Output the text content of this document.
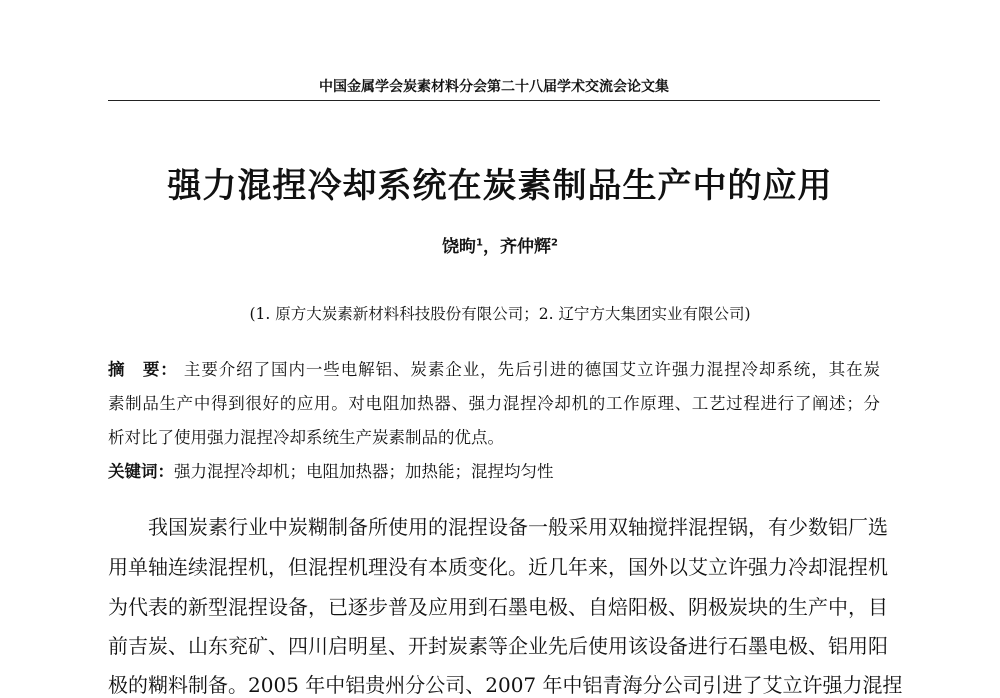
中国金属学会炭素材料分会第二十八届学术交流会论文集
强力混捏冷却系统在炭素制品生产中的应用
饶昫$^1$，齐仲辉$^2$
(1. 原方大炭素新材料科技股份有限公司；2. 辽宁方大集团实业有限公司)
摘　要： 主要介绍了国内一些电解铝、炭素企业，先后引进的德国艾立许强力混捏冷却系统，其在炭
素制品生产中得到很好的应用。对电阻加热器、强力混捏冷却机的工作原理、工艺过程进行了阐述；分
析对比了使用强力混捏冷却系统生产炭素制品的优点。
关键词：强力混捏冷却机；电阻加热器；加热能；混捏均匀性
我国炭素行业中炭糊制备所使用的混捏设备一般采用双轴搅拌混捏锅，有少数铝厂选
用单轴连续混捏机，但混捏机理没有本质变化。近几年来，国外以艾立许强力冷却混捏机
为代表的新型混捏设备，已逐步普及应用到石墨电极、自焙阳极、阴极炭块的生产中，目
前吉炭、山东兖矿、四川启明星、开封炭素等企业先后使用该设备进行石墨电极、铝用阳
极的糊料制备。2005 年中铝贵州分公司、2007 年中铝青海分公司引进了艾立许强力混捏
